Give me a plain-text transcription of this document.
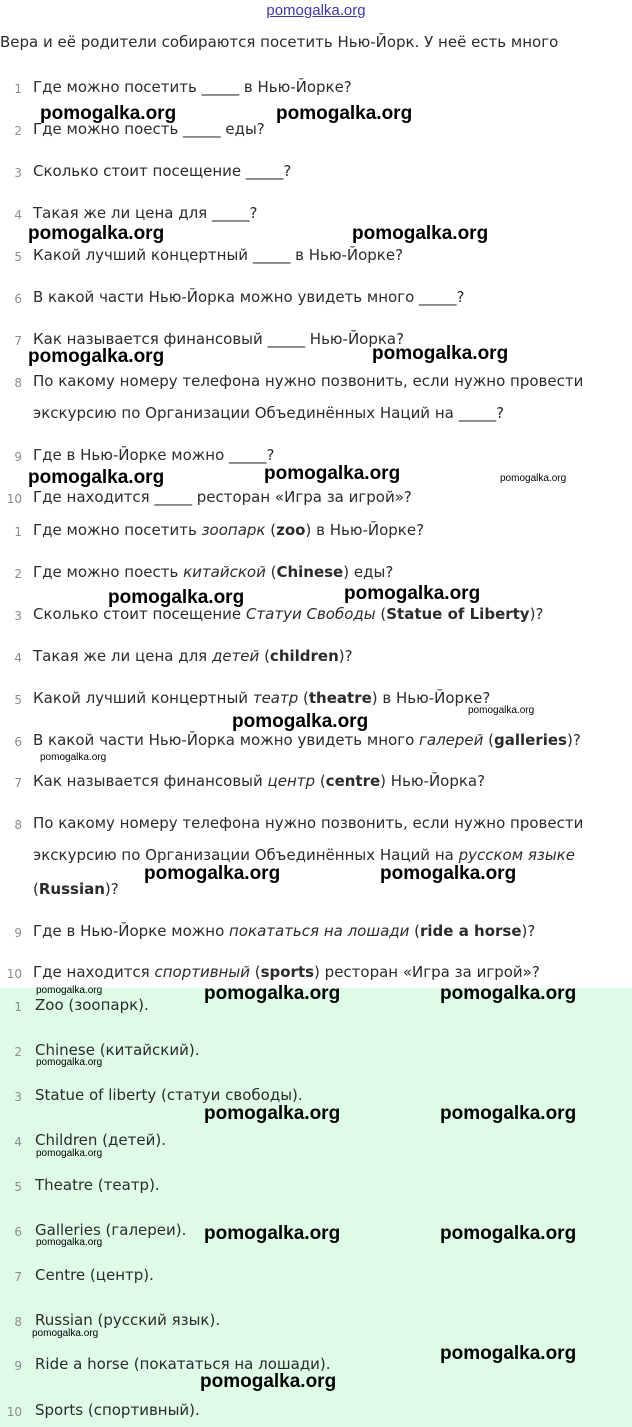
pomogalka.org
Вера и её родители собираются посетить Нью-Йорк. У неё есть много
1 Где можно посетить _____ в Нью-Йорке?
2 Где можно поесть _____ еды?
3 Сколько стоит посещение _____?
4 Такая же ли цена для _____?
5 Какой лучший концертный _____ в Нью-Йорке?
6 В какой части Нью-Йорка можно увидеть много _____?
7 Как называется финансовый _____ Нью-Йорка?
8 По какому номеру телефона нужно позвонить, если нужно провести
экскурсию по Организации Объединённых Наций на _____?
9 Где в Нью-Йорке можно _____?
10 Где находится _____ ресторан «Игра за игрой»?
1 Где можно посетить зоопарк (zoo) в Нью-Йорке?
2 Где можно поесть китайской (Chinese) еды?
3 Сколько стоит посещение Статуи Свободы (Statue of Liberty)?
4 Такая же ли цена для детей (children)?
5 Какой лучший концертный театр (theatre) в Нью-Йорке?
6 В какой части Нью-Йорка можно увидеть много галерей (galleries)?
7 Как называется финансовый центр (centre) Нью-Йорка?
8 По какому номеру телефона нужно позвонить, если нужно провести
экскурсию по Организации Объединённых Наций на русском языке
(Russian)?
9 Где в Нью-Йорке можно покататься на лошади (ride a horse)?
10 Где находится спортивный (sports) ресторан «Игра за игрой»?
1 Zoo (зоопарк).
2 Chinese (китайский).
3 Statue of liberty (статуи свободы).
4 Children (детей).
5 Theatre (театр).
6 Galleries (галереи).
7 Centre (центр).
8 Russian (русский язык).
9 Ride a horse (покататься на лошади).
10 Sports (спортивный).
pomogalka.org	pomogalka.org
pomogalka.org	pomogalka.org
pomogalka.org	pomogalka.org
pomogalka.org	pomogalka.org	pomogalka.org
pomogalka.org	pomogalka.org
pomogalka.org
pomogalka.org
pomogalka.org
pomogalka.org	pomogalka.org
pomogalka.org	pomogalka.org	pomogalka.org
pomogalka.org
pomogalka.org	pomogalka.org
pomogalka.org
pomogalka.org	pomogalka.org	pomogalka.org
pomogalka.org
pomogalka.org
pomogalka.org
